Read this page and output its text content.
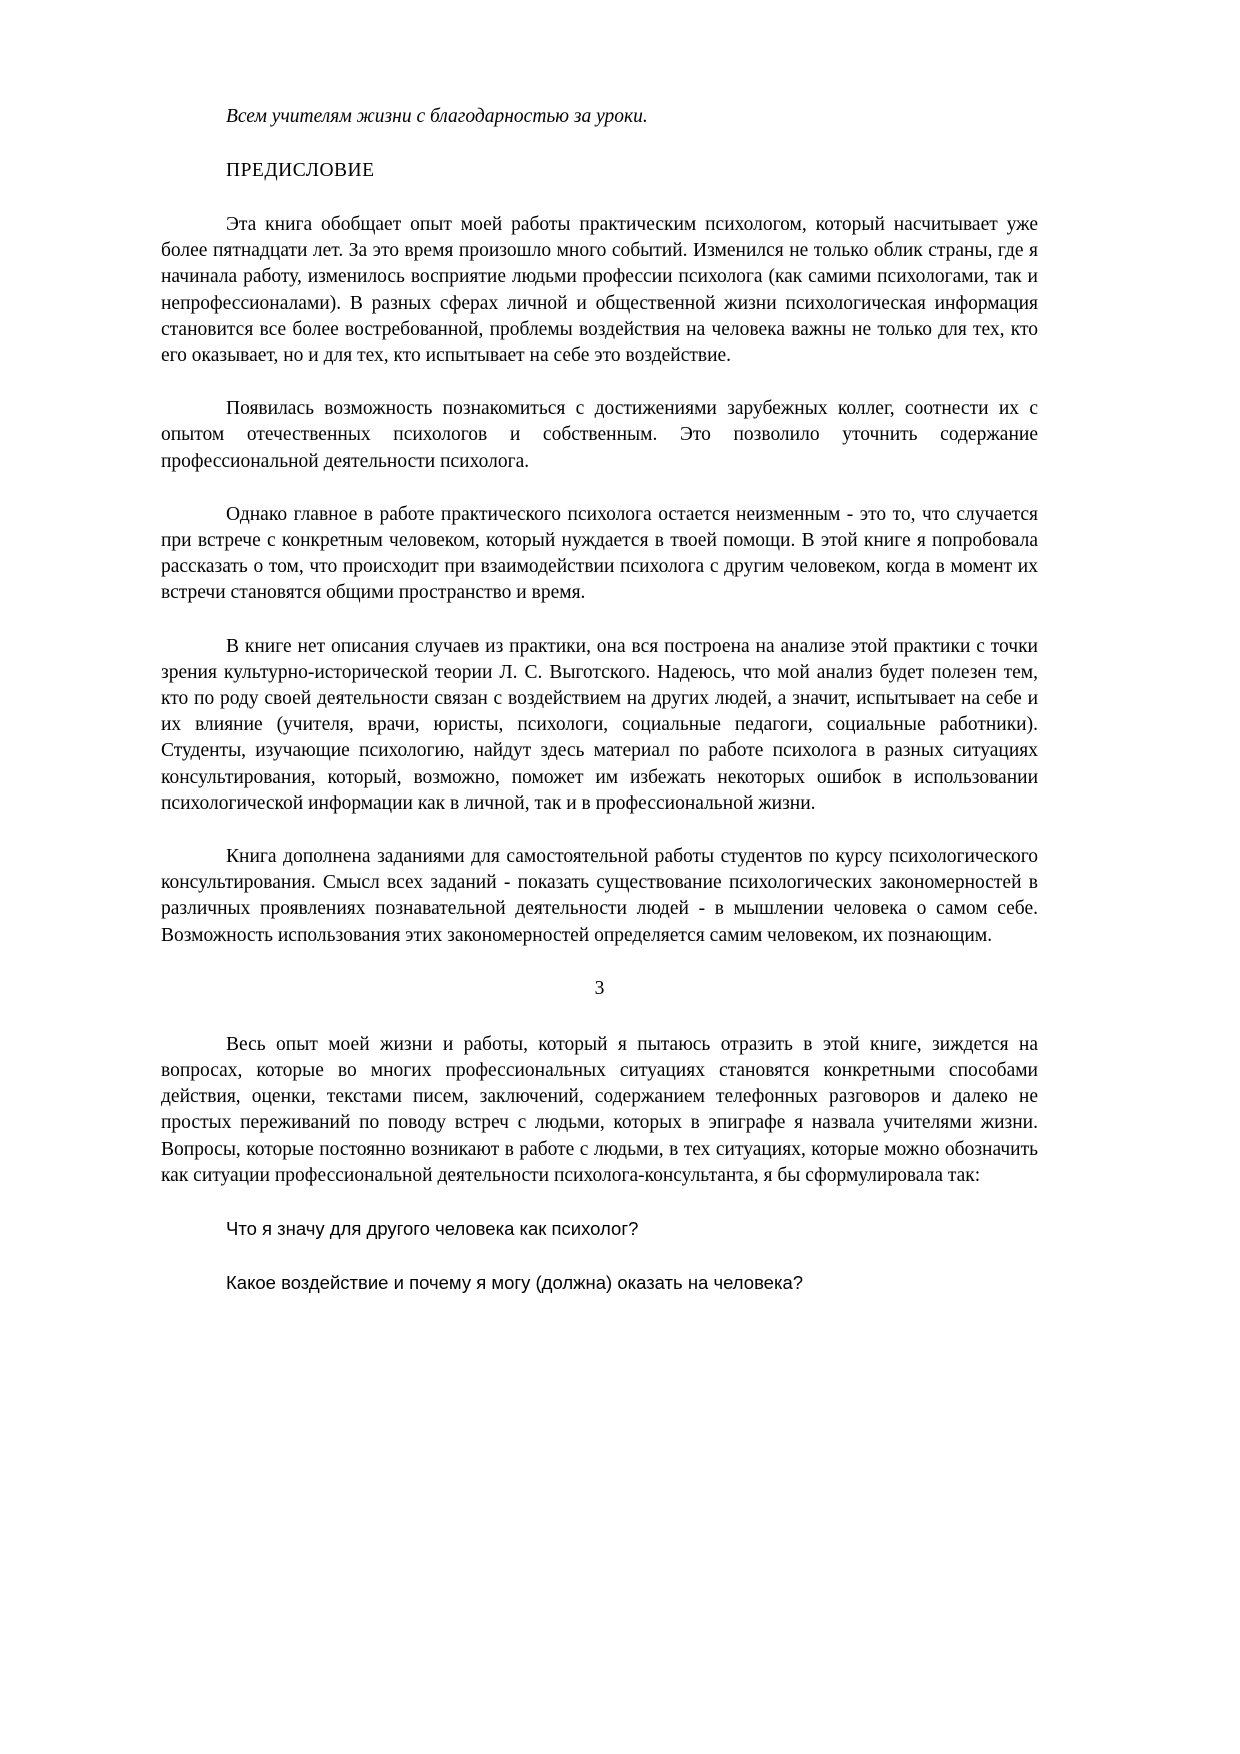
Всем учителям жизни с благодарностью за уроки.

ПРЕДИСЛОВИЕ

Эта книга обобщает опыт моей работы практическим психологом, который насчитывает уже более пятнадцати лет. За это время произошло много событий. Изменился не только облик страны, где я начинала работу, изменилось восприятие людьми профессии психолога (как самими психологами, так и непрофессионалами). В разных сферах личной и общественной жизни психологическая информация становится все более востребованной, проблемы воздействия на человека важны не только для тех, кто его оказывает, но и для тех, кто испытывает на себе это воздействие.

Появилась возможность познакомиться с достижениями зарубежных коллег, соотнести их с опытом отечественных психологов и собственным. Это позволило уточнить содержание профессиональной деятельности психолога.

Однако главное в работе практического психолога остается неизменным - это то, что случается при встрече с конкретным человеком, который нуждается в твоей помощи. В этой книге я попробовала рассказать о том, что происходит при взаимодействии психолога с другим человеком, когда в момент их встречи становятся общими пространство и время.

В книге нет описания случаев из практики, она вся построена на анализе этой практики с точки зрения культурно-исторической теории Л. С. Выготского. Надеюсь, что мой анализ будет полезен тем, кто по роду своей деятельности связан с воздействием на других людей, а значит, испытывает на себе и их влияние (учителя, врачи, юристы, психологи, социальные педагоги, социальные работники). Студенты, изучающие психологию, найдут здесь материал по работе психолога в разных ситуациях консультирования, который, возможно, поможет им избежать некоторых ошибок в использовании психологической информации как в личной, так и в профессиональной жизни.

Книга дополнена заданиями для самостоятельной работы студентов по курсу психологического консультирования. Смысл всех заданий - показать существование психологических закономерностей в различных проявлениях познавательной деятельности людей - в мышлении человека о самом себе. Возможность использования этих закономерностей определяется самим человеком, их познающим.

3

Весь опыт моей жизни и работы, который я пытаюсь отразить в этой книге, зиждется на вопросах, которые во многих профессиональных ситуациях становятся конкретными способами действия, оценки, текстами писем, заключений, содержанием телефонных разговоров и далеко не простых переживаний по поводу встреч с людьми, которых в эпиграфе я назвала учителями жизни. Вопросы, которые постоянно возникают в работе с людьми, в тех ситуациях, которые можно обозначить как ситуации профессиональной деятельности психолога-консультанта, я бы сформулировала так:

Что я значу для другого человека как психолог?

Какое воздействие и почему я могу (должна) оказать на человека?
